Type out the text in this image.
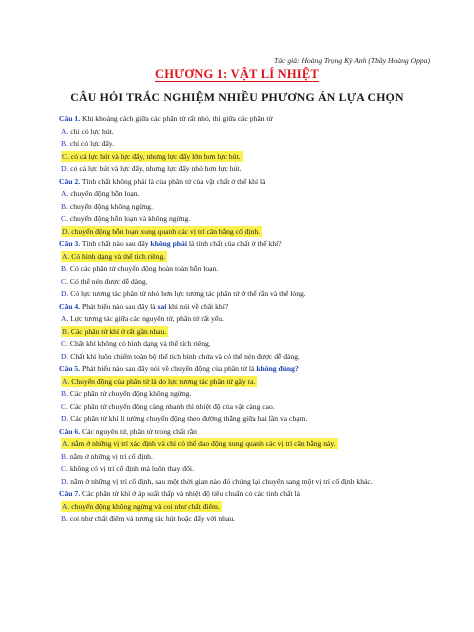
Tác giả: Hoàng Trọng Kỳ Anh (Thầy Hoàng Oppa)
CHƯƠNG 1: VẬT LÍ NHIỆT
CÂU HỎI TRẮC NGHIỆM NHIỀU PHƯƠNG ÁN LỰA CHỌN
Câu 1. Khi khoảng cách giữa các phân tử rất nhỏ, thì giữa các phân tử
A. chỉ có lực hút.
B. chỉ có lực đẩy.
C. có cả lực hút và lực đẩy, nhưng lực đẩy lớn hơn lực hút.
D. có cả lực hút và lực đẩy, nhưng lực đẩy nhỏ hơn lực hút.
Câu 2. Tính chất không phải là của phân tử của vật chất ở thể khí là
A. chuyển động hỗn loạn.
B. chuyển động không ngừng.
C. chuyển động hỗn loạn và không ngừng.
D. chuyển động hỗn loạn xung quanh các vị trí cân bằng cố định.
Câu 3. Tính chất nào sau đây không phải là tính chất của chất ở thể khí?
A. Có hình dạng và thể tích riêng.
B. Có các phân tử chuyển động hoàn toàn hỗn loạn.
C. Có thể nén được dễ dàng.
D. Có lực tương tác phân tử nhỏ hơn lực tương tác phân tử ở thể rắn và thể lỏng.
Câu 4. Phát biểu nào sau đây là sai khi nói về chất khí?
A. Lực tương tác giữa các nguyên tử, phân tử rất yếu.
B. Các phân tử khí ở rất gần nhau.
C. Chất khí không có hình dạng và thể tích riêng.
D. Chất khí luôn chiếm toàn bộ thể tích bình chứa và có thể nén được dễ dàng.
Câu 5. Phát biểu nào sau đây nói về chuyển động của phân tử là không đúng?
A. Chuyển động của phân tử là do lực tương tác phân tử gây ra.
B. Các phân tử chuyển động không ngừng.
C. Các phân tử chuyển động càng nhanh thì nhiệt độ của vật càng cao.
D. Các phân tử khí lí tưởng chuyển động theo đường thẳng giữa hai lần va chạm.
Câu 6. Các nguyên tử, phân tử trong chất rắn
A. nằm ở những vị trí xác định và chỉ có thể dao động xung quanh các vị trí cân bằng này.
B. nằm ở những vị trí cố định.
C. không có vị trí cố định mà luôn thay đổi.
D. nằm ở những vị trí cố định, sau một thời gian nào đó chúng lại chuyển sang một vị trí cố định khác.
Câu 7. Các phân tử khí ở áp suất thấp và nhiệt độ tiêu chuẩn có các tính chất là
A. chuyển động không ngừng và coi như chất điểm.
B. coi như chất điểm và tương tác hút hoặc đẩy với nhau.
